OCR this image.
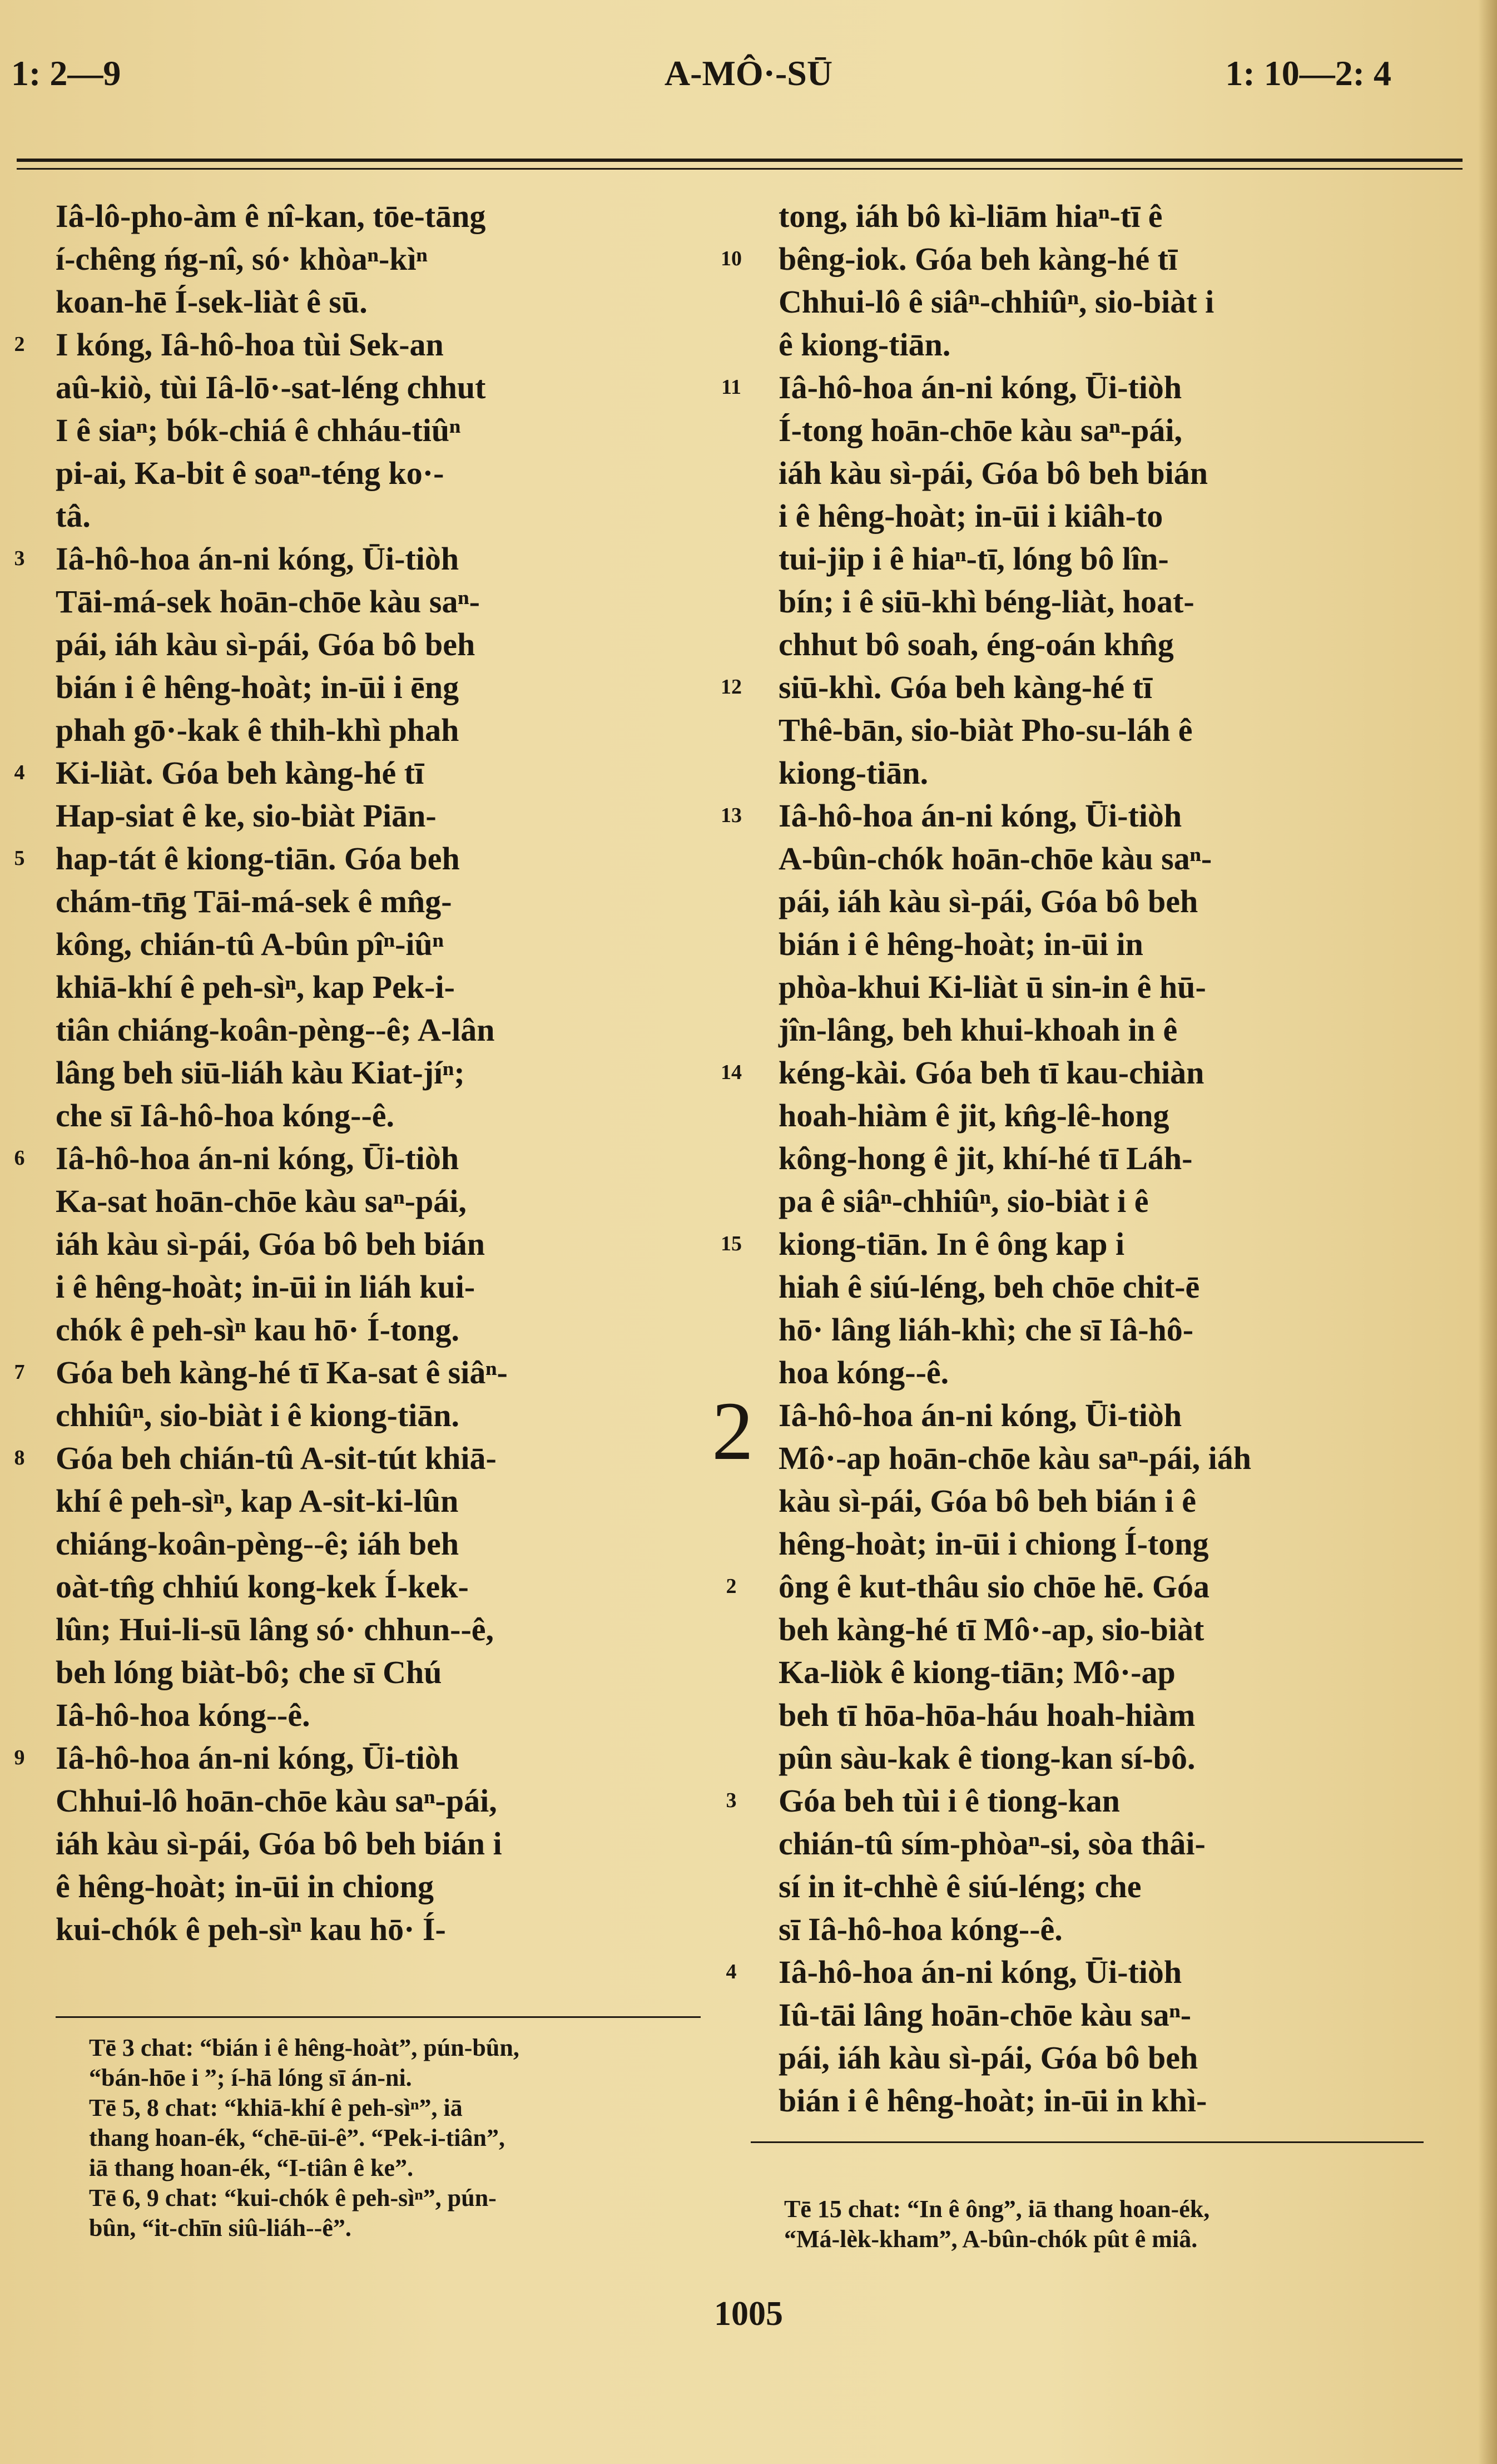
1: 2—9	A-MÔ·-SŪ	1: 10—2: 4
Iâ-lô-pho-àm ê nî-kan, tōe-tāng
í-chêng ńg-nî, só· khòaⁿ-kìⁿ
koan-hē Í-sek-liàt ê sū.
2 I kóng, Iâ-hô-hoa tùi Sek-an
aû-kiò, tùi Iâ-lō·-sat-léng chhut
I ê siaⁿ; bók-chiá ê chháu-tiûⁿ
pi-ai, Ka-bit ê soaⁿ-téng ko·-
tâ.
3 Iâ-hô-hoa án-ni kóng, Ūi-tiòh
Tāi-má-sek hoān-chōe kàu saⁿ-
pái, iáh kàu sì-pái, Góa bô beh
bián i ê hêng-hoàt; in-ūi i ēng
phah gō·-kak ê thih-khì phah
4 Ki-liàt. Góa beh kàng-hé tī
Hap-siat ê ke, sio-biàt Piān-
5 hap-tát ê kiong-tiān. Góa beh
chám-tn̄g Tāi-má-sek ê mn̂g-
kông, chián-tû A-bûn pîⁿ-iûⁿ
khiā-khí ê peh-sìⁿ, kap Pek-i-
tiân chiáng-koân-pèng--ê; A-lân
lâng beh siū-liáh kàu Kiat-jíⁿ;
che sī Iâ-hô-hoa kóng--ê.
6 Iâ-hô-hoa án-ni kóng, Ūi-tiòh
Ka-sat hoān-chōe kàu saⁿ-pái,
iáh kàu sì-pái, Góa bô beh bián
i ê hêng-hoàt; in-ūi in liáh kui-
chók ê peh-sìⁿ kau hō· Í-tong.
7 Góa beh kàng-hé tī Ka-sat ê siâⁿ-
chhiûⁿ, sio-biàt i ê kiong-tiān.
8 Góa beh chián-tû A-sit-tút khiā-
khí ê peh-sìⁿ, kap A-sit-ki-lûn
chiáng-koân-pèng--ê; iáh beh
oàt-tn̂g chhiú kong-kek Í-kek-
lûn; Hui-li-sū lâng só· chhun--ê,
beh lóng biàt-bô; che sī Chú
Iâ-hô-hoa kóng--ê.
9 Iâ-hô-hoa án-ni kóng, Ūi-tiòh
Chhui-lô hoān-chōe kàu saⁿ-pái,
iáh kàu sì-pái, Góa bô beh bián i
ê hêng-hoàt; in-ūi in chiong
kui-chók ê peh-sìⁿ kau hō· Í-
tong, iáh bô kì-liām hiaⁿ-tī ê
10 bêng-iok. Góa beh kàng-hé tī
Chhui-lô ê siâⁿ-chhiûⁿ, sio-biàt i
ê kiong-tiān.
11 Iâ-hô-hoa án-ni kóng, Ūi-tiòh
Í-tong hoān-chōe kàu saⁿ-pái,
iáh kàu sì-pái, Góa bô beh bián
i ê hêng-hoàt; in-ūi i kiâh-to
tui-jip i ê hiaⁿ-tī, lóng bô lîn-
bín; i ê siū-khì béng-liàt, hoat-
chhut bô soah, éng-oán khn̂g
12 siū-khì. Góa beh kàng-hé tī
Thê-bān, sio-biàt Pho-su-láh ê
kiong-tiān.
13 Iâ-hô-hoa án-ni kóng, Ūi-tiòh
A-bûn-chók hoān-chōe kàu saⁿ-
pái, iáh kàu sì-pái, Góa bô beh
bián i ê hêng-hoàt; in-ūi in
phòa-khui Ki-liàt ū sin-in ê hū-
jîn-lâng, beh khui-khoah in ê
14 kéng-kài. Góa beh tī kau-chiàn
hoah-hiàm ê jit, kn̂g-lê-hong
kông-hong ê jit, khí-hé tī Láh-
pa ê siâⁿ-chhiûⁿ, sio-biàt i ê
15 kiong-tiān. In ê ông kap i
hiah ê siú-léng, beh chōe chit-ē
hō· lâng liáh-khì; che sī Iâ-hô-
hoa kóng--ê.
2 Iâ-hô-hoa án-ni kóng, Ūi-tiòh
Mô·-ap hoān-chōe kàu saⁿ-pái, iáh
kàu sì-pái, Góa bô beh bián i ê
hêng-hoàt; in-ūi i chiong Í-tong
2	ông ê kut-thâu sio chōe hē. Góa
beh kàng-hé tī Mô·-ap, sio-biàt
Ka-liòk ê kiong-tiān; Mô·-ap
beh tī hōa-hōa-háu hoah-hiàm
pûn sàu-kak ê tiong-kan sí-bô.
3	Góa beh tùi i ê tiong-kan
chián-tû sím-phòaⁿ-si, sòa thâi-
sí in it-chhè ê siú-léng; che
sī Iâ-hô-hoa kóng--ê.
4	Iâ-hô-hoa án-ni kóng, Ūi-tiòh
Iû-tāi lâng hoān-chōe kàu saⁿ-
pái, iáh kàu sì-pái, Góa bô beh
bián i ê hêng-hoàt; in-ūi in khì-
Tē 3 chat: “bián i ê hêng-hoàt”, pún-bûn,
“bán-hōe i ”; í-hā lóng sī án-ni.
Tē 5, 8 chat: “khiā-khí ê peh-sìⁿ”, iā
thang hoan-ék, “chē-ūi-ê”. “Pek-i-tiân”,
iā thang hoan-ék, “I-tiân ê ke”.
Tē 6, 9 chat: “kui-chók ê peh-sìⁿ”, pún-
bûn, “it-chīn siû-liáh--ê”.
Tē 15 chat: “In ê ông”, iā thang hoan-ék,
“Má-lèk-kham”, A-bûn-chók pût ê miâ.
1005
